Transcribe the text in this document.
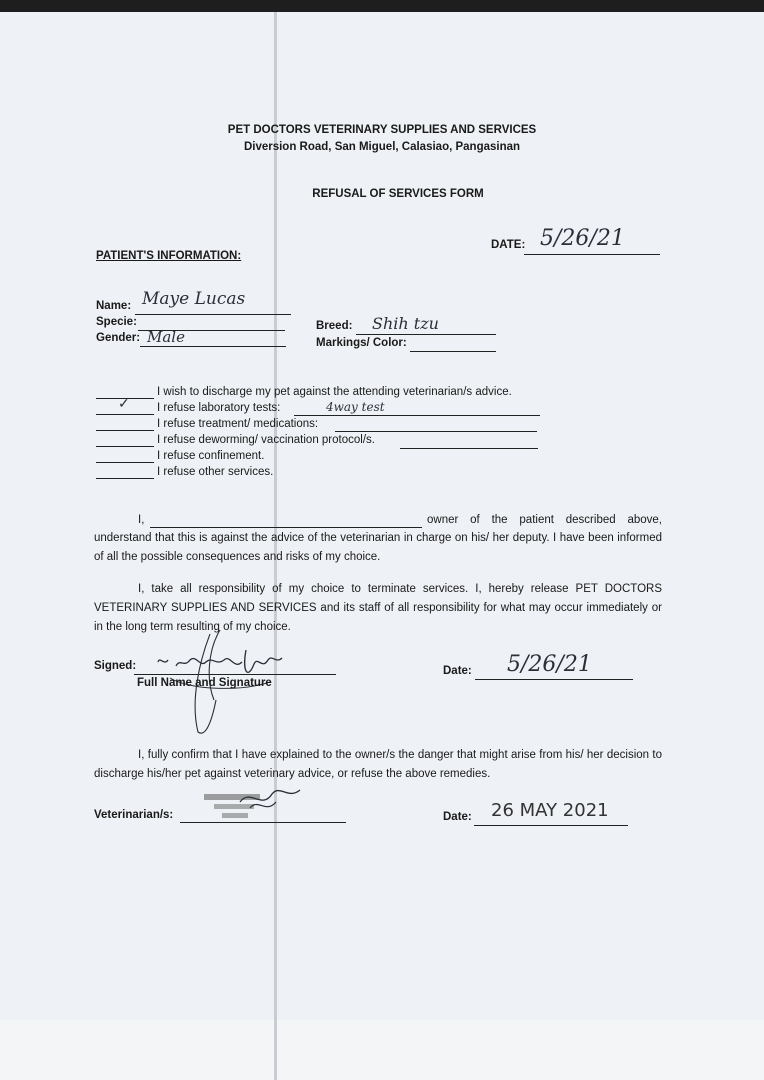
PET DOCTORS VETERINARY SUPPLIES AND SERVICES
Diversion Road, San Miguel, Calasiao, Pangasinan
REFUSAL OF SERVICES FORM
DATE: 5/26/21
PATIENT'S INFORMATION:
Name: Maye Lucas
Specie:
Gender: Male
Breed: Shih tzu
Markings/ Color:
I wish to discharge my pet against the attending veterinarian/s advice.
✓ I refuse laboratory tests:	4way test
I refuse treatment/ medications:
I refuse deworming/ vaccination protocol/s.
I refuse confinement.
I refuse other services.
I,	owner of the patient described above,
understand that this is against the advice of the veterinarian in charge on his/ her deputy. I have been informed of all the possible consequences and risks of my choice.
I, take all responsibility of my choice to terminate services. I, hereby release PET DOCTORS VETERINARY SUPPLIES AND SERVICES and its staff of all responsibility for what may occur immediately or in the long term resulting of my choice.
Signed:
Full Name and Signature
Date: 5/26/21
I, fully confirm that I have explained to the owner/s the danger that might arise from his/ her decision to discharge his/her pet against veterinary advice, or refuse the above remedies.
Veterinarian/s:	Date: 26 MAY 2021
